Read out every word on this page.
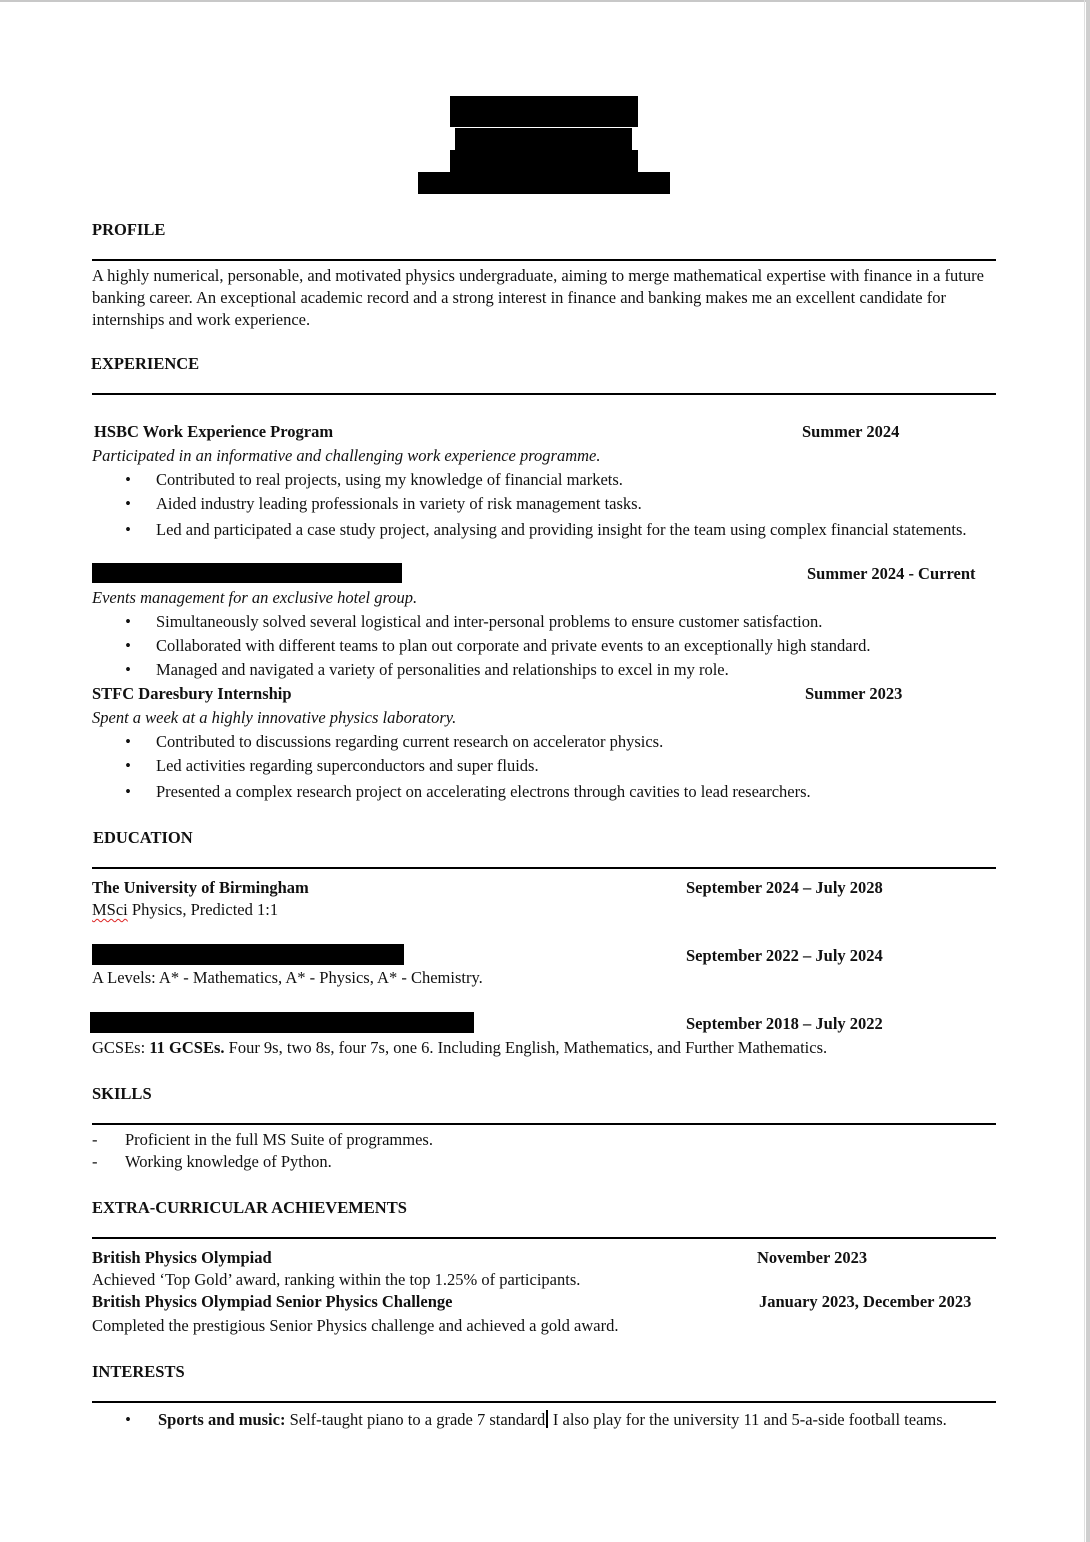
PROFILE
A highly numerical, personable, and motivated physics undergraduate, aiming to merge mathematical expertise with finance in a future banking career. An exceptional academic record and a strong interest in finance and banking makes me an excellent candidate for internships and work experience.
EXPERIENCE
HSBC Work Experience Program	Summer 2024
Participated in an informative and challenging work experience programme.
• Contributed to real projects, using my knowledge of financial markets.
• Aided industry leading professionals in variety of risk management tasks.
• Led and participated a case study project, analysing and providing insight for the team using complex financial statements.
Summer 2024 - Current
Events management for an exclusive hotel group.
• Simultaneously solved several logistical and inter-personal problems to ensure customer satisfaction.
• Collaborated with different teams to plan out corporate and private events to an exceptionally high standard.
• Managed and navigated a variety of personalities and relationships to excel in my role.
STFC Daresbury Internship	Summer 2023
Spent a week at a highly innovative physics laboratory.
• Contributed to discussions regarding current research on accelerator physics.
• Led activities regarding superconductors and super fluids.
• Presented a complex research project on accelerating electrons through cavities to lead researchers.
EDUCATION
The University of Birmingham	September 2024 – July 2028
MSci Physics, Predicted 1:1
September 2022 – July 2024
A Levels: A* - Mathematics, A* - Physics, A* - Chemistry.
September 2018 – July 2022
GCSEs: 11 GCSEs. Four 9s, two 8s, four 7s, one 6. Including English, Mathematics, and Further Mathematics.
SKILLS
- Proficient in the full MS Suite of programmes.
- Working knowledge of Python.
EXTRA-CURRICULAR ACHIEVEMENTS
British Physics Olympiad	November 2023
Achieved ‘Top Gold’ award, ranking within the top 1.25% of participants.
British Physics Olympiad Senior Physics Challenge	January 2023, December 2023
Completed the prestigious Senior Physics challenge and achieved a gold award.
INTERESTS
• Sports and music: Self-taught piano to a grade 7 standard I also play for the university 11 and 5-a-side football teams.
